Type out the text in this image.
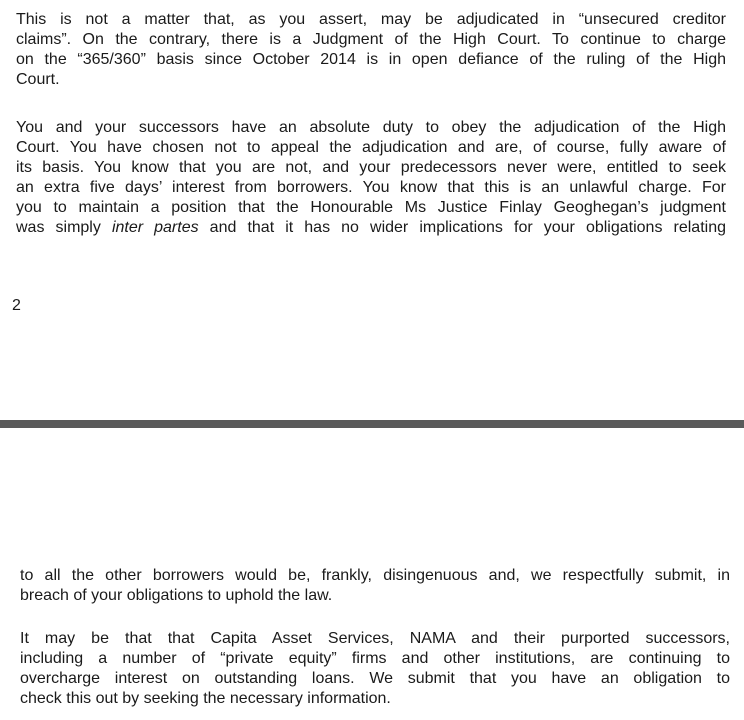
This is not a matter that, as you assert, may be adjudicated in “unsecured creditor
claims”. On the contrary, there is a Judgment of the High Court. To continue to charge
on the “365/360” basis since October 2014 is in open defiance of the ruling of the High
Court.

You and your successors have an absolute duty to obey the adjudication of the High
Court. You have chosen not to appeal the adjudication and are, of course, fully aware of
its basis. You know that you are not, and your predecessors never were, entitled to seek
an extra five days’ interest from borrowers. You know that this is an unlawful charge. For
you to maintain a position that the Honourable Ms Justice Finlay Geoghegan’s judgment
was simply inter partes and that it has no wider implications for your obligations relating

2

to all the other borrowers would be, frankly, disingenuous and, we respectfully submit, in
breach of your obligations to uphold the law.

It may be that that Capita Asset Services, NAMA and their purported successors,
including a number of “private equity” firms and other institutions, are continuing to
overcharge interest on outstanding loans. We submit that you have an obligation to
check this out by seeking the necessary information.
